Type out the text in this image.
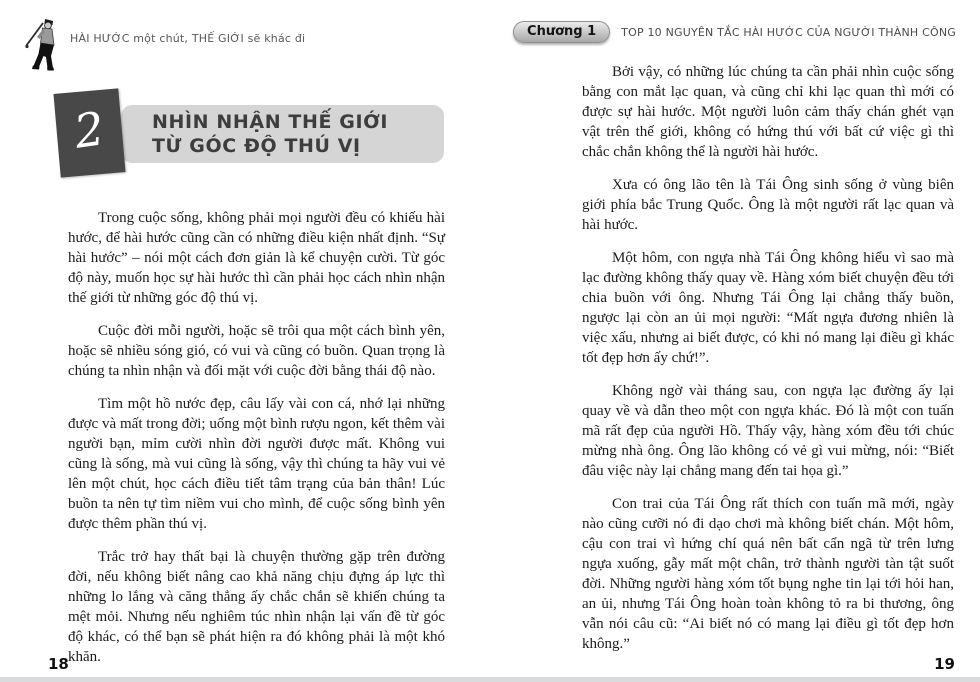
HÀI HƯỚC một chút, THẾ GIỚI sẽ khác đi	Chương 1	TOP 10 NGUYÊN TẮC HÀI HƯỚC CỦA NGƯỜI THÀNH CÔNG
NHÌN NHẬN THẾ GIỚI
TỪ GÓC ĐỘ THÚ VỊ
2

Trong cuộc sống, không phải mọi người đều có khiếu hài hước, để hài hước cũng cần có những điều kiện nhất định. “Sự hài hước” – nói một cách đơn giản là kể chuyện cười. Từ góc độ này, muốn học sự hài hước thì cần phải học cách nhìn nhận thế giới từ những góc độ thú vị.

Cuộc đời mỗi người, hoặc sẽ trôi qua một cách bình yên, hoặc sẽ nhiều sóng gió, có vui và cũng có buồn. Quan trọng là chúng ta nhìn nhận và đối mặt với cuộc đời bằng thái độ nào.

Tìm một hồ nước đẹp, câu lấy vài con cá, nhớ lại những được và mất trong đời; uống một bình rượu ngon, kết thêm vài người bạn, mỉm cười nhìn đời người được mất. Không vui cũng là sống, mà vui cũng là sống, vậy thì chúng ta hãy vui vẻ lên một chút, học cách điều tiết tâm trạng của bản thân! Lúc buồn ta nên tự tìm niềm vui cho mình, để cuộc sống bình yên được thêm phần thú vị.

Trắc trở hay thất bại là chuyện thường gặp trên đường đời, nếu không biết nâng cao khả năng chịu đựng áp lực thì những lo lắng và căng thẳng ấy chắc chắn sẽ khiến chúng ta mệt mỏi. Nhưng nếu nghiêm túc nhìn nhận lại vấn đề từ góc độ khác, có thể bạn sẽ phát hiện ra đó không phải là một khó khăn.

Bởi vậy, có những lúc chúng ta cần phải nhìn cuộc sống bằng con mắt lạc quan, và cũng chỉ khi lạc quan thì mới có được sự hài hước. Một người luôn cảm thấy chán ghét vạn vật trên thế giới, không có hứng thú với bất cứ việc gì thì chắc chắn không thể là người hài hước.

Xưa có ông lão tên là Tái Ông sinh sống ở vùng biên giới phía bắc Trung Quốc. Ông là một người rất lạc quan và hài hước.

Một hôm, con ngựa nhà Tái Ông không hiểu vì sao mà lạc đường không thấy quay về. Hàng xóm biết chuyện đều tới chia buồn với ông. Nhưng Tái Ông lại chẳng thấy buồn, ngược lại còn an ủi mọi người: “Mất ngựa đương nhiên là việc xấu, nhưng ai biết được, có khi nó mang lại điều gì khác tốt đẹp hơn ấy chứ!”.

Không ngờ vài tháng sau, con ngựa lạc đường ấy lại quay về và dẫn theo một con ngựa khác. Đó là một con tuấn mã rất đẹp của người Hồ. Thấy vậy, hàng xóm đều tới chúc mừng nhà ông. Ông lão không có vẻ gì vui mừng, nói: “Biết đâu việc này lại chẳng mang đến tai họa gì.”

Con trai của Tái Ông rất thích con tuấn mã mới, ngày nào cũng cưỡi nó đi dạo chơi mà không biết chán. Một hôm, cậu con trai vì hứng chí quá nên bất cẩn ngã từ trên lưng ngựa xuống, gẫy mất một chân, trở thành người tàn tật suốt đời. Những người hàng xóm tốt bụng nghe tin lại tới hỏi han, an ủi, nhưng Tái Ông hoàn toàn không tỏ ra bi thương, ông vẫn nói câu cũ: “Ai biết nó có mang lại điều gì tốt đẹp hơn không.”

18	19
